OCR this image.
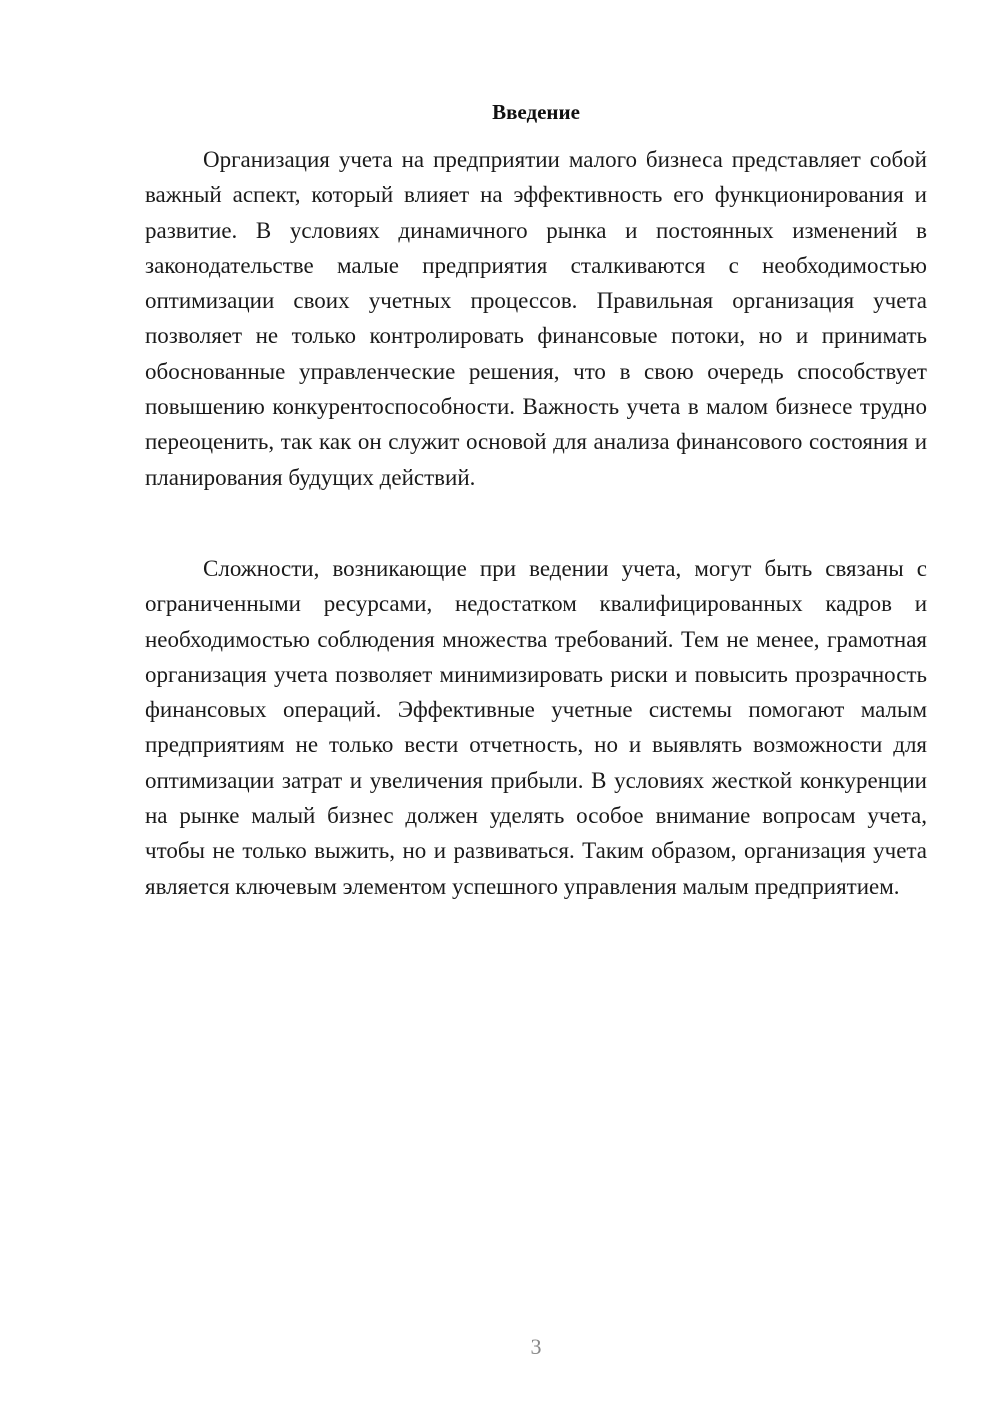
Введение

Организация учета на предприятии малого бизнеса представляет собой важный аспект, который влияет на эффективность его функционирования и развитие. В условиях динамичного рынка и постоянных изменений в законодательстве малые предприятия сталкиваются с необходимостью оптимизации своих учетных процессов. Правильная организация учета позволяет не только контролировать финансовые потоки, но и принимать обоснованные управленческие решения, что в свою очередь способствует повышению конкурентоспособности. Важность учета в малом бизнесе трудно переоценить, так как он служит основой для анализа финансового состояния и планирования будущих действий.

Сложности, возникающие при ведении учета, могут быть связаны с ограниченными ресурсами, недостатком квалифицированных кадров и необходимостью соблюдения множества требований. Тем не менее, грамотная организация учета позволяет минимизировать риски и повысить прозрачность финансовых операций. Эффективные учетные системы помогают малым предприятиям не только вести отчетность, но и выявлять возможности для оптимизации затрат и увеличения прибыли. В условиях жесткой конкуренции на рынке малый бизнес должен уделять особое внимание вопросам учета, чтобы не только выжить, но и развиваться. Таким образом, организация учета является ключевым элементом успешного управления малым предприятием.

3
